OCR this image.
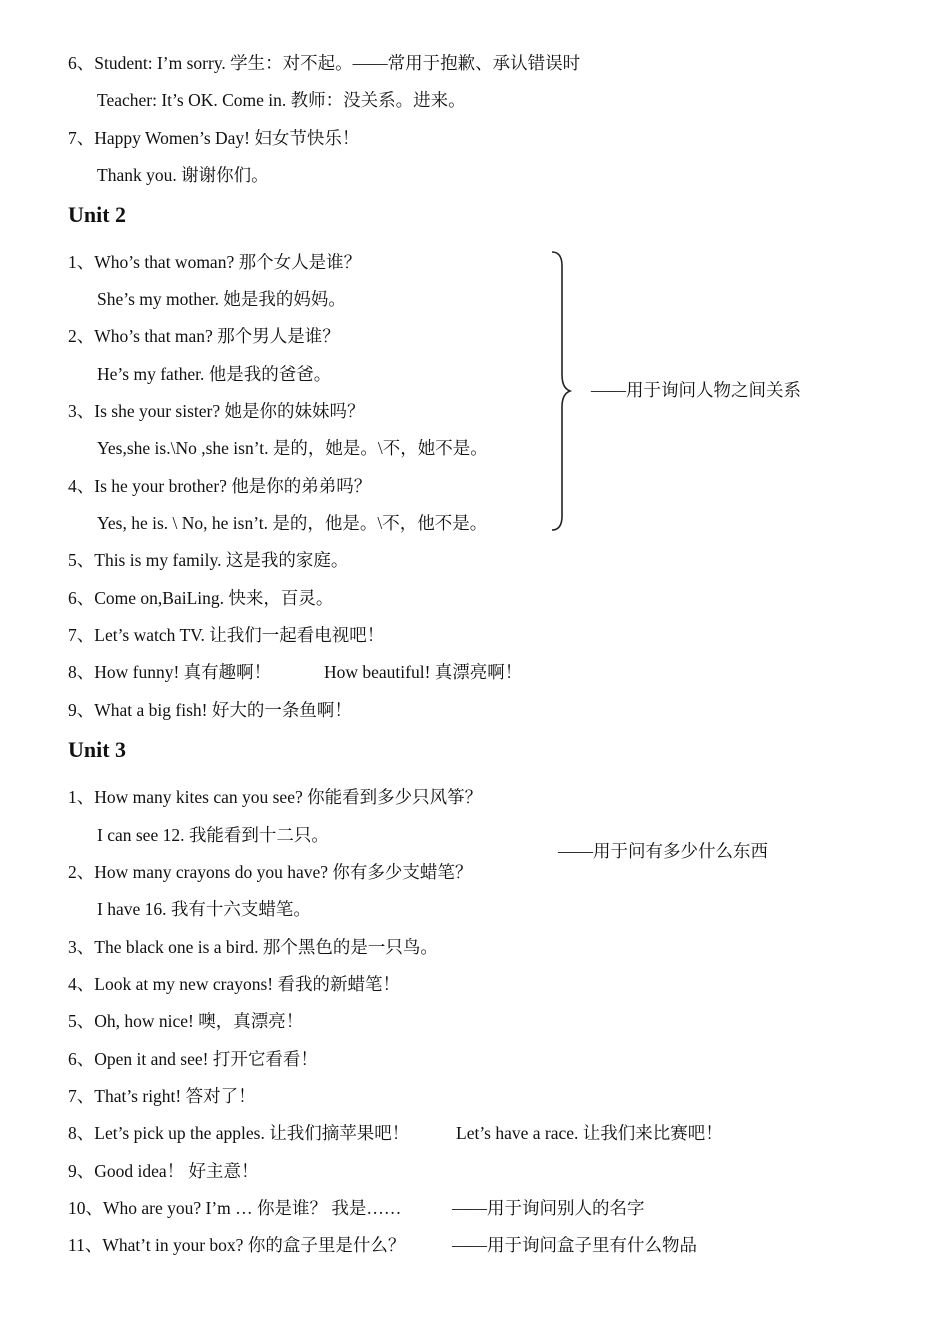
6、Student: I’m sorry. 学生：对不起。——常用于抱歉、承认错误时
Teacher: It’s OK. Come in. 教师：没关系。进来。
7、Happy Women’s Day! 妇女节快乐！
Thank you. 谢谢你们。
Unit 2
1、Who’s that woman? 那个女人是谁？
She’s my mother. 她是我的妈妈。
2、Who’s that man? 那个男人是谁？
He’s my father. 他是我的爸爸。
3、Is she your sister? 她是你的妹妹吗？
Yes,she is.\No ,she isn’t. 是的，她是。\不，她不是。
4、Is he your brother? 他是你的弟弟吗？
Yes, he is. \ No, he isn’t. 是的，他是。\不，他不是。
5、This is my family. 这是我的家庭。
6、Come on,BaiLing. 快来，百灵。
7、Let’s watch TV. 让我们一起看电视吧！
8、How funny! 真有趣啊！	How beautiful! 真漂亮啊！
9、What a big fish! 好大的一条鱼啊！
——用于询问人物之间关系
Unit 3
1、How many kites can you see? 你能看到多少只风筝？
I can see 12. 我能看到十二只。
——用于问有多少什么东西
2、How many crayons do you have? 你有多少支蜡笔？
I have 16. 我有十六支蜡笔。
3、The black one is a bird. 那个黑色的是一只鸟。
4、Look at my new crayons! 看我的新蜡笔！
5、Oh, how nice! 噢，真漂亮！
6、Open it and see! 打开它看看！
7、That’s right! 答对了！
8、Let’s pick up the apples. 让我们摘苹果吧！	Let’s have a race. 让我们来比赛吧！
9、Good idea！ 好主意！
10、Who are you? I’m … 你是谁？ 我是……	——用于询问别人的名字
11、What’t in your box? 你的盒子里是什么？	——用于询问盒子里有什么物品
